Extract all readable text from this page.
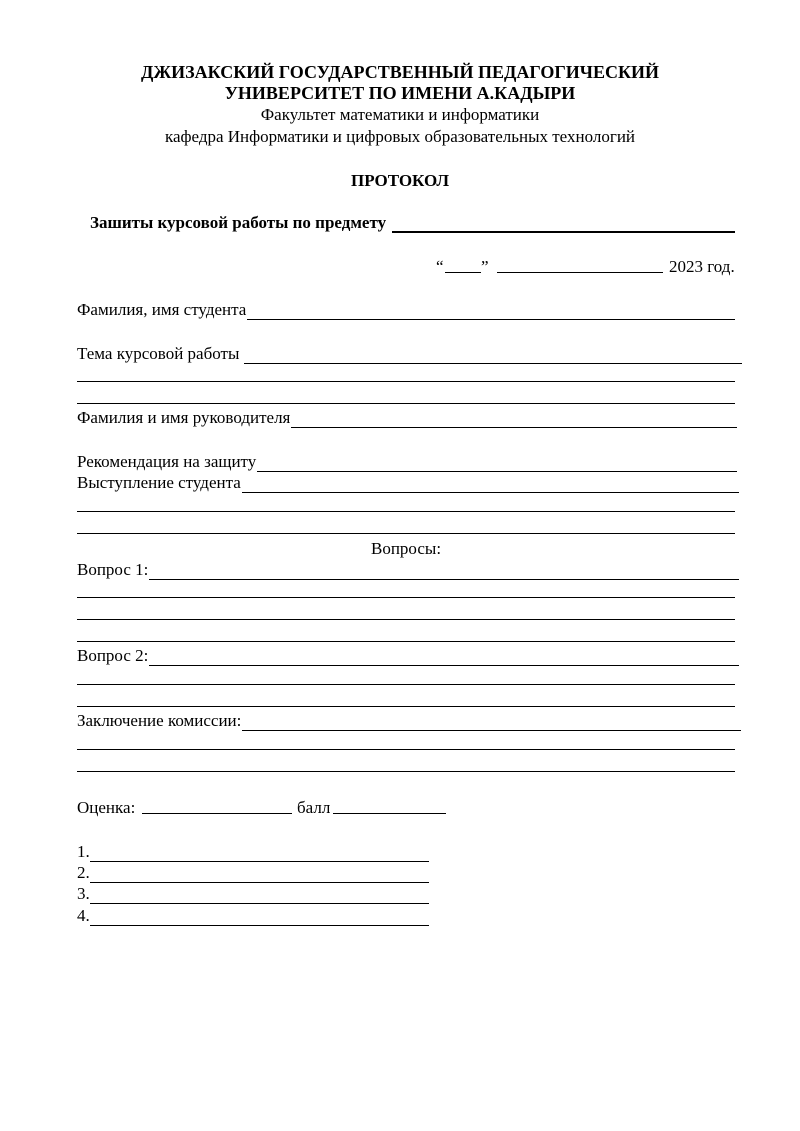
ДЖИЗАКСКИЙ ГОСУДАРСТВЕННЫЙ ПЕДАГОГИЧЕСКИЙ
УНИВЕРСИТЕТ ПО ИМЕНИ А.КАДЫРИ
Факультет математики и информатики
кафедра Информатики и цифровых образовательных технологий
ПРОТОКОЛ
Зашиты курсовой работы по предмету
“ ”	2023 год.
Фамилия, имя студента
Тема курсовой работы
Фамилия и имя руководителя
Рекомендация на защиту
Выступление студента
Вопросы:
Вопрос 1:
Вопрос 2:
Заключение комиссии:
Оценка:	балл
1.
2.
3.
4.
